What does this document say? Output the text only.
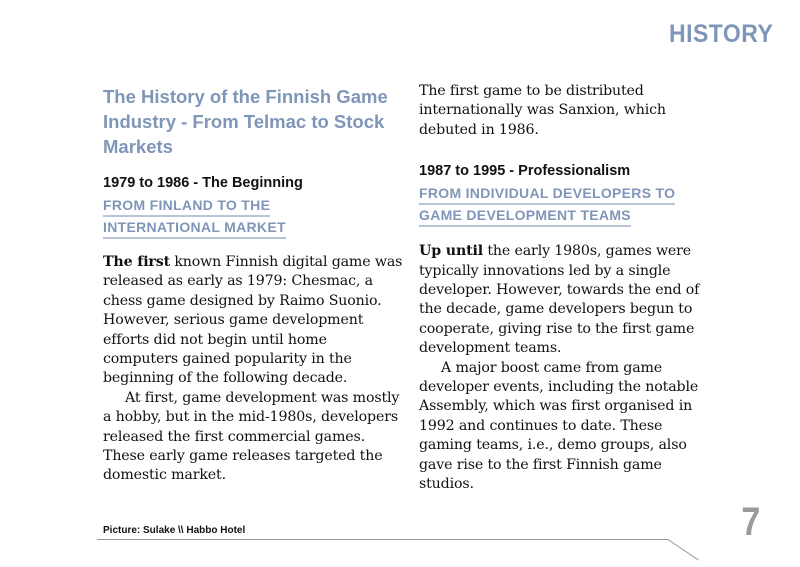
HISTORY
The History of the Finnish Game Industry - From Telmac to Stock Markets
1979 to 1986 - The Beginning
FROM FINLAND TO THE
INTERNATIONAL MARKET

The first known Finnish digital game was released as early as 1979: Chesmac, a chess game designed by Raimo Suonio. However, serious game development efforts did not begin until home computers gained popularity in the beginning of the following decade.

At first, game development was mostly a hobby, but in the mid-1980s, developers released the first commercial games. These early game releases targeted the domestic market.

The first game to be distributed internationally was Sanxion, which debuted in 1986.

1987 to 1995 - Professionalism
FROM INDIVIDUAL DEVELOPERS TO
GAME DEVELOPMENT TEAMS

Up until the early 1980s, games were typically innovations led by a single developer. However, towards the end of the decade, game developers begun to cooperate, giving rise to the first game development teams.

A major boost came from game developer events, including the notable Assembly, which was first organised in 1992 and continues to date. These gaming teams, i.e., demo groups, also gave rise to the first Finnish game studios.

Picture: Sulake \\ Habbo Hotel	7
